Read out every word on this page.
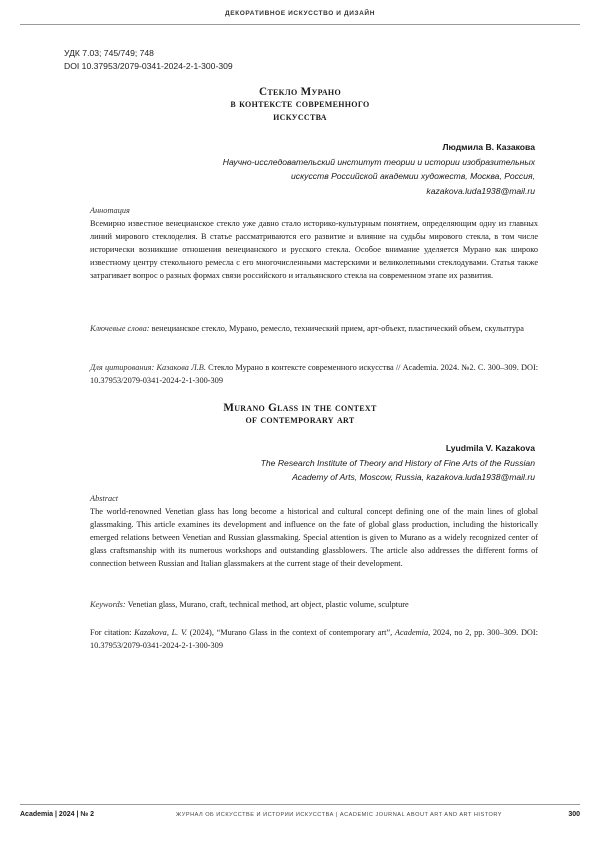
ДЕКОРАТИВНОЕ ИСКУССТВО И ДИЗАЙН
УДК 7.03; 745/749; 748
DOI 10.37953/2079-0341-2024-2-1-300-309
Стекло Мурано
в контексте современного
искусства
Людмила В. Казакова
Научно-исследовательский институт теории и истории изобразительных
искусств Российской академии художеств, Москва, Россия,
kazakova.luda1938@mail.ru
Аннотация
Всемирно известное венецианское стекло уже давно стало историко-культурным понятием, определяющим одну из главных линий мирового стеклоделия. В статье рассматриваются его развитие и влияние на судьбы мирового стекла, в том числе исторически возникшие отношения венецианского и русского стекла. Особое внимание уделяется Мурано как широко известному центру стекольного ремесла с его многочисленными мастерскими и великолепными стеклодувами. Статья также затрагивает вопрос о разных формах связи российского и итальянского стекла на современном этапе их развития.
Ключевые слова: венецианское стекло, Мурано, ремесло, технический прием, арт-объект, пластический объем, скульптура
Для цитирования: Казакова Л.В. Стекло Мурано в контексте современного искусства // Academia. 2024. №2. С. 300–309. DOI: 10.37953/2079-0341-2024-2-1-300-309
Murano Glass in the context
of contemporary art
Lyudmila V. Kazakova
The Research Institute of Theory and History of Fine Arts of the Russian
Academy of Arts, Moscow, Russia, kazakova.luda1938@mail.ru
Abstract
The world-renowned Venetian glass has long become a historical and cultural concept defining one of the main lines of global glassmaking. This article examines its development and influence on the fate of global glass production, including the historically emerged relations between Venetian and Russian glassmaking. Special attention is given to Murano as a widely recognized center of glass craftsmanship with its numerous workshops and outstanding glassblowers. The article also addresses the different forms of connection between Russian and Italian glassmakers at the current stage of their development.
Keywords: Venetian glass, Murano, craft, technical method, art object, plastic volume, sculpture
For citation: Kazakova, L. V. (2024), “Murano Glass in the context of contemporary art”, Academia, 2024, no 2, pp. 300–309. DOI: 10.37953/2079-0341-2024-2-1-300-309
Academia | 2024 | № 2	ЖУРНАЛ ОБ ИСКУССТВЕ И ИСТОРИИ ИСКУССТВА | ACADEMIC JOURNAL ABOUT ART AND ART HISTORY	300
